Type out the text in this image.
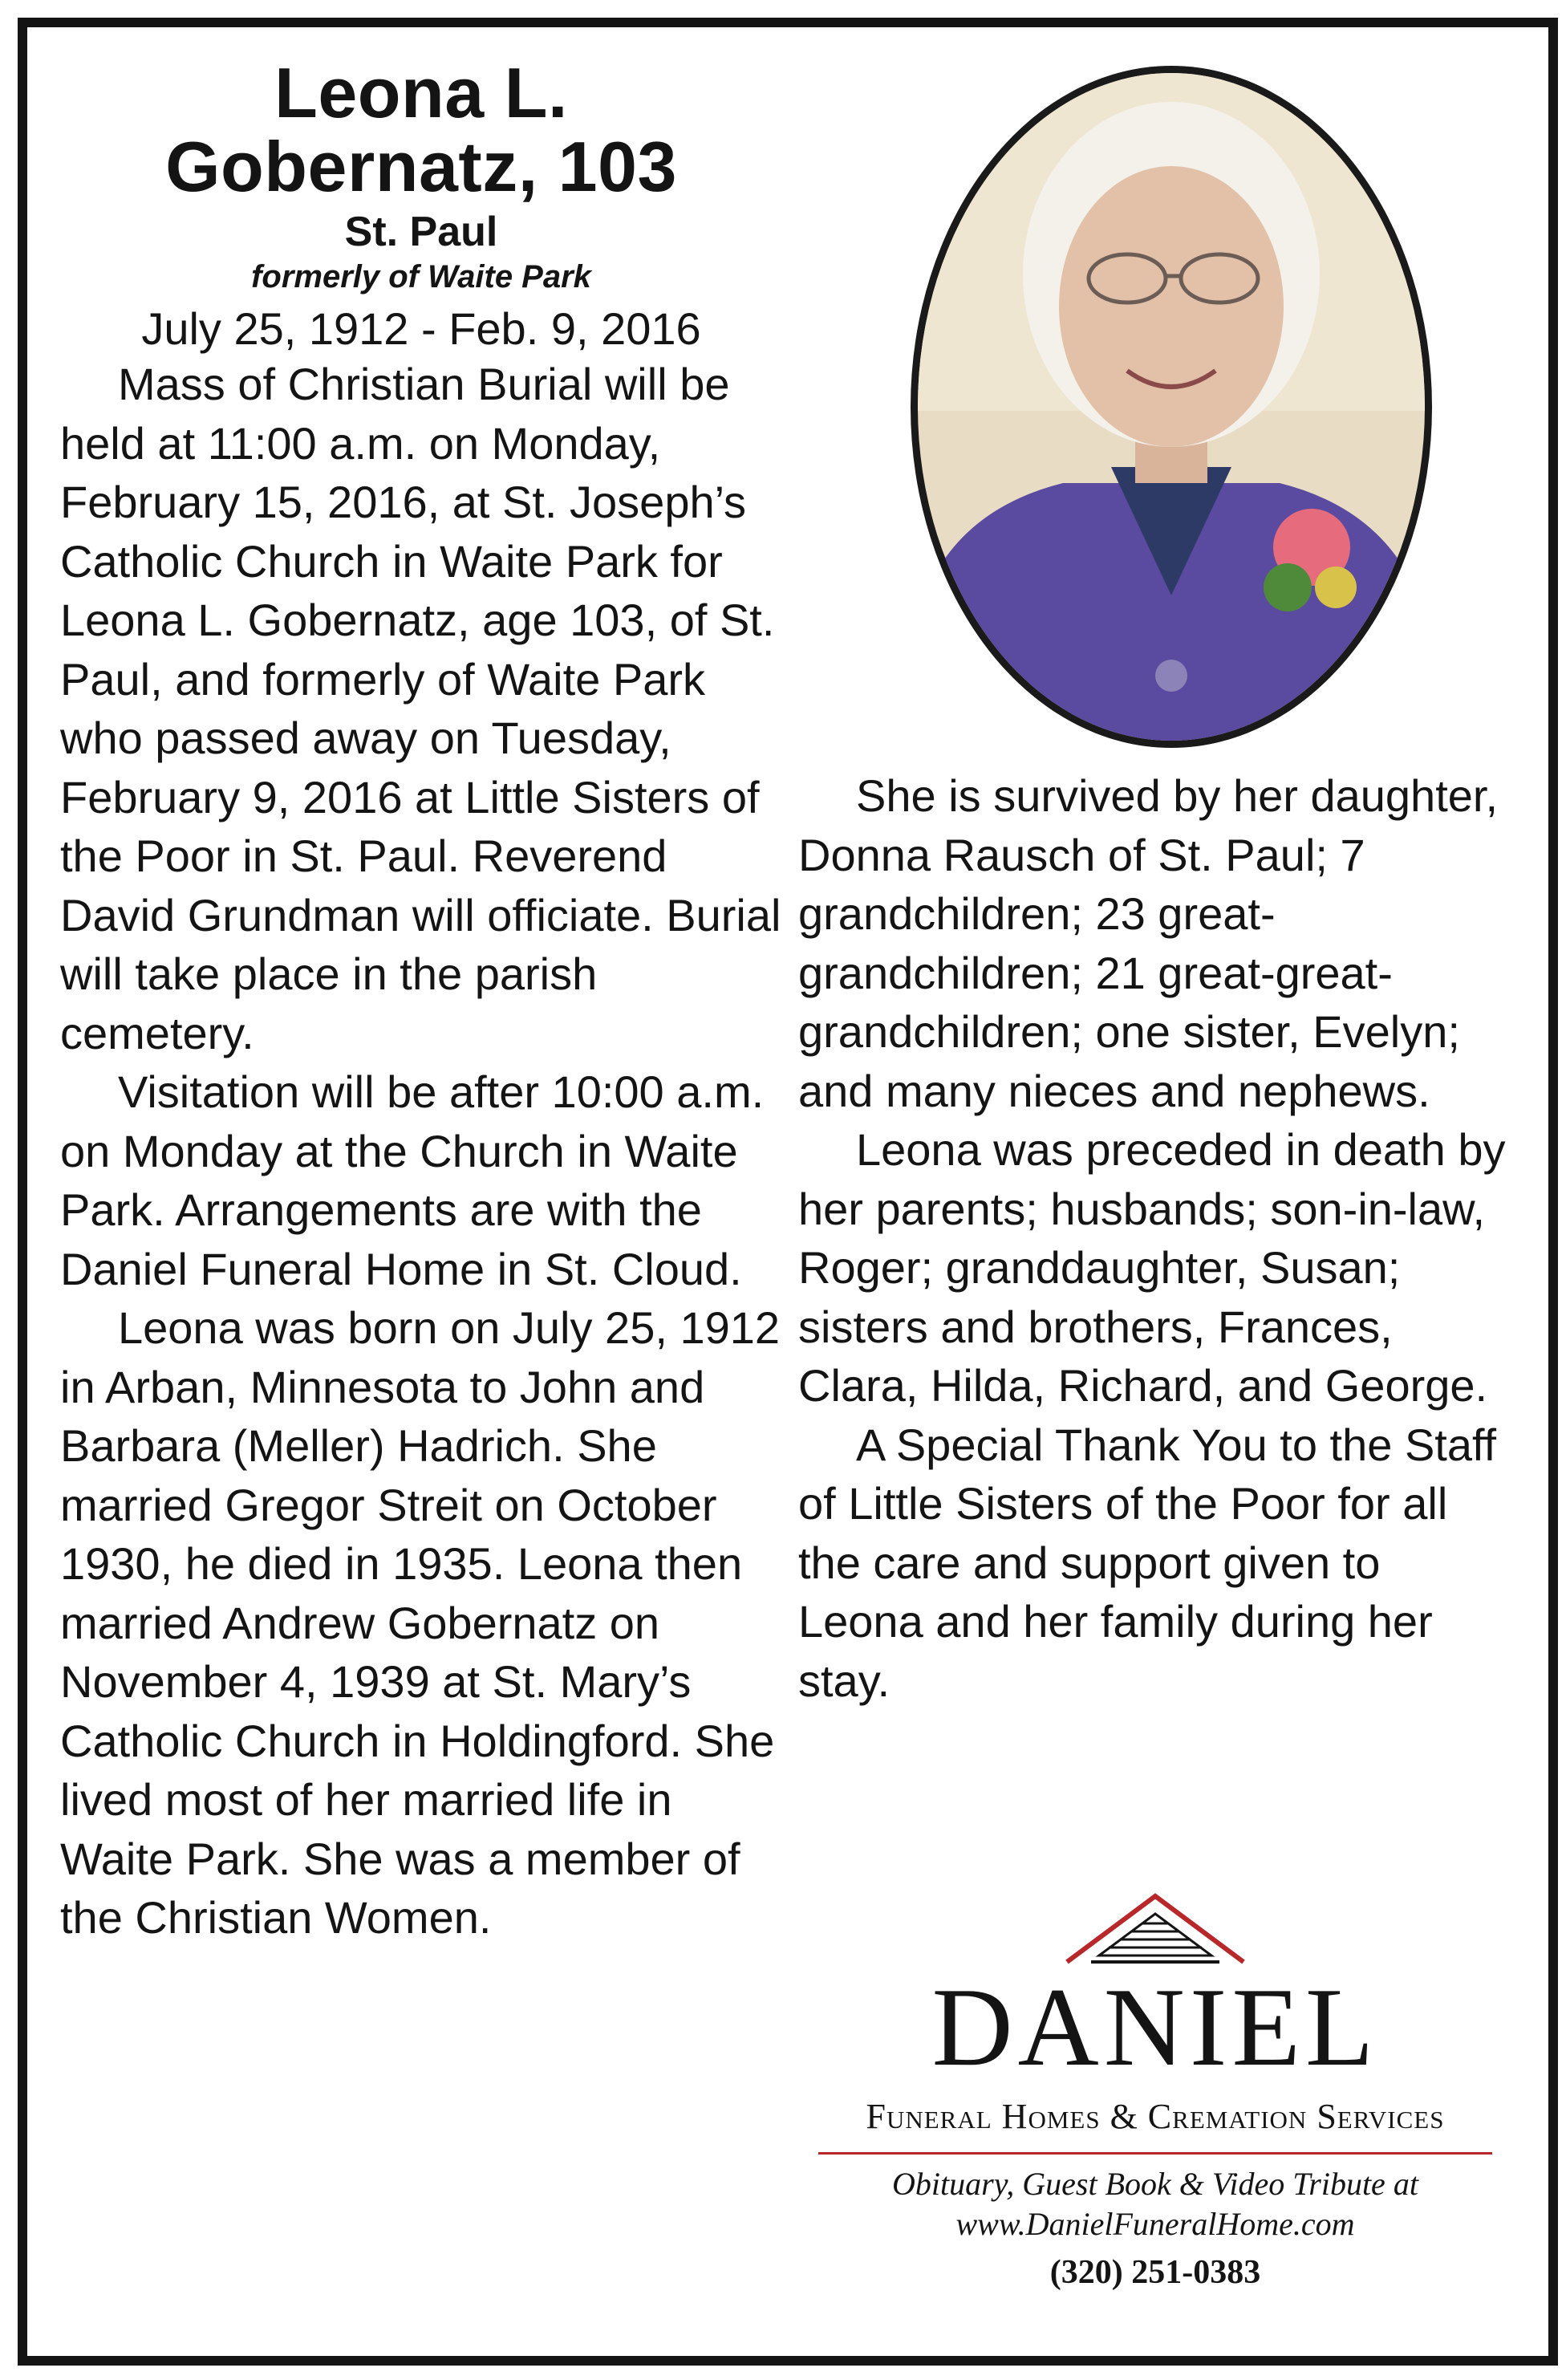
Leona L.

Gobernatz, 103

St. Paul

formerly of Waite Park

July 25, 1912 - Feb. 9, 2016

Mass of Christian Burial will be held at 11:00 a.m. on Monday, February 15, 2016, at St. Joseph’s Catholic Church in Waite Park for Leona L. Gobernatz, age 103, of St. Paul, and formerly of Waite Park who passed away on Tuesday, February 9, 2016 at Little Sisters of the Poor in St. Paul. Reverend David Grundman will officiate. Burial will take place in the parish cemetery.

Visitation will be after 10:00 a.m. on Monday at the Church in Waite Park. Arrangements are with the Daniel Funeral Home in St. Cloud.

Leona was born on July 25, 1912 in Arban, Minnesota to John and Barbara (Meller) Hadrich. She married Gregor Streit on October 1930, he died in 1935. Leona then married Andrew Gobernatz on November 4, 1939 at St. Mary’s Catholic Church in Holdingford. She lived most of her married life in Waite Park. She was a member of the Christian Women.

She is survived by her daughter, Donna Rausch of St. Paul; 7 grandchildren; 23 great-grandchildren; 21 great-great-grandchildren; one sister, Evelyn; and many nieces and nephews.

Leona was preceded in death by her parents; husbands; son-in-law, Roger; granddaughter, Susan; sisters and brothers, Frances, Clara, Hilda, Richard, and George.

A Special Thank You to the Staff of Little Sisters of the Poor for all the care and support given to Leona and her family during her stay.

DANIEL

Funeral Homes & Cremation Services

Obituary, Guest Book & Video Tribute at

www.DanielFuneralHome.com

(320) 251-0383
